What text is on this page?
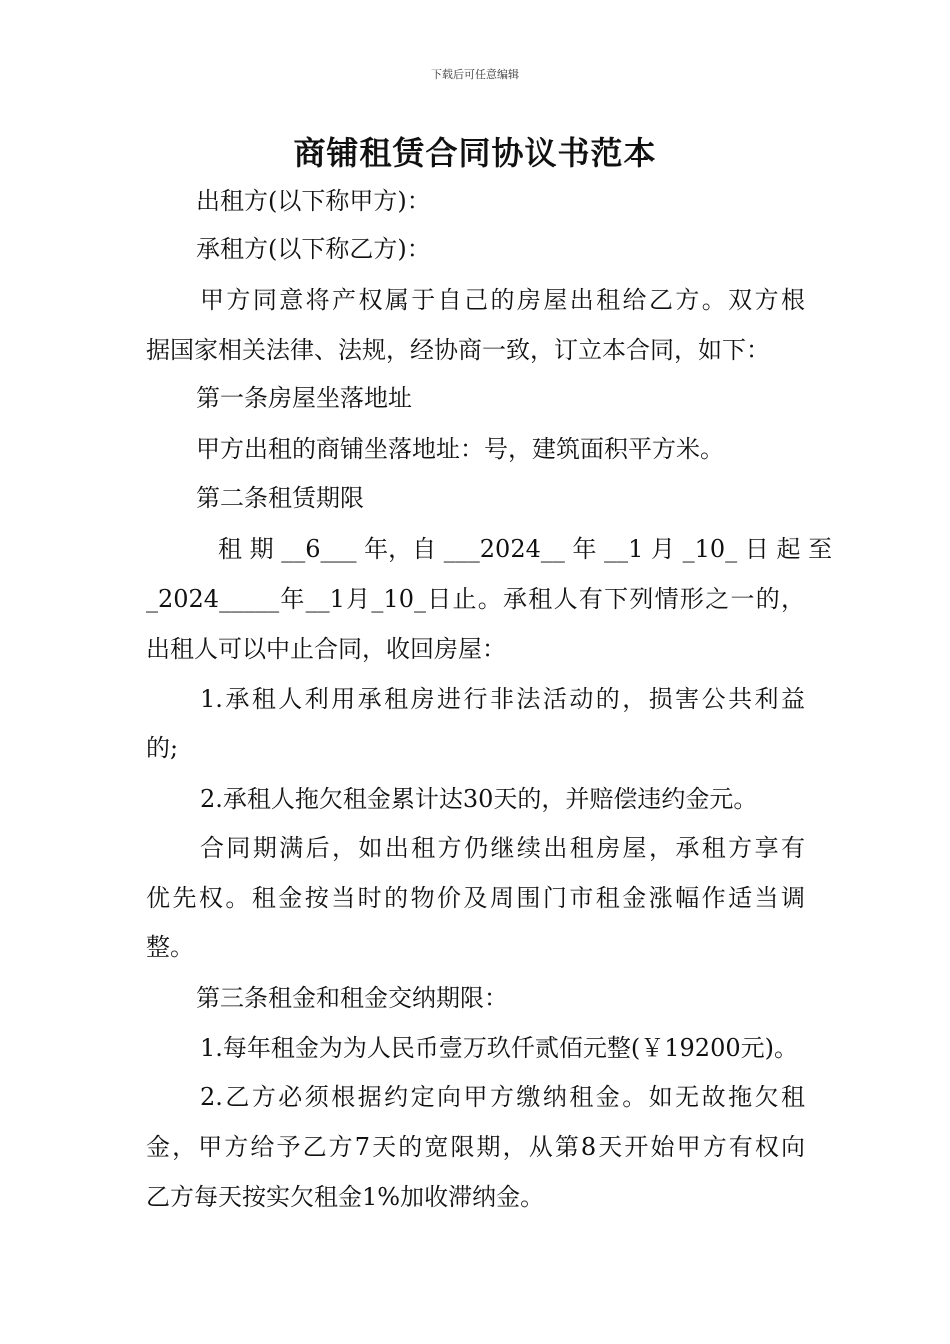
下载后可任意编辑
商铺租赁合同协议书范本
出租方(以下称甲方)：
承租方(以下称乙方)：
甲方同意将产权属于自己的房屋出租给乙方。双方根
据国家相关法律、法规，经协商一致，订立本合同，如下：
第一条房屋坐落地址
甲方出租的商铺坐落地址：号，建筑面积平方米。
第二条租赁期限
租 期 __6___ 年，自 ___2024__ 年 __1 月 _10_ 日 起 至
_2024_____年__1月_10_日止。承租人有下列情形之一的，
出租人可以中止合同，收回房屋：
1.承租人利用承租房进行非法活动的，损害公共利益
的;
2.承租人拖欠租金累计达30天的，并赔偿违约金元。
合同期满后，如出租方仍继续出租房屋，承租方享有
优先权。租金按当时的物价及周围门市租金涨幅作适当调
整。
第三条租金和租金交纳期限：
1.每年租金为为人民币壹万玖仟贰佰元整(￥19200元)。
2.乙方必须根据约定向甲方缴纳租金。如无故拖欠租
金，甲方给予乙方7天的宽限期，从第8天开始甲方有权向
乙方每天按实欠租金1%加收滞纳金。
